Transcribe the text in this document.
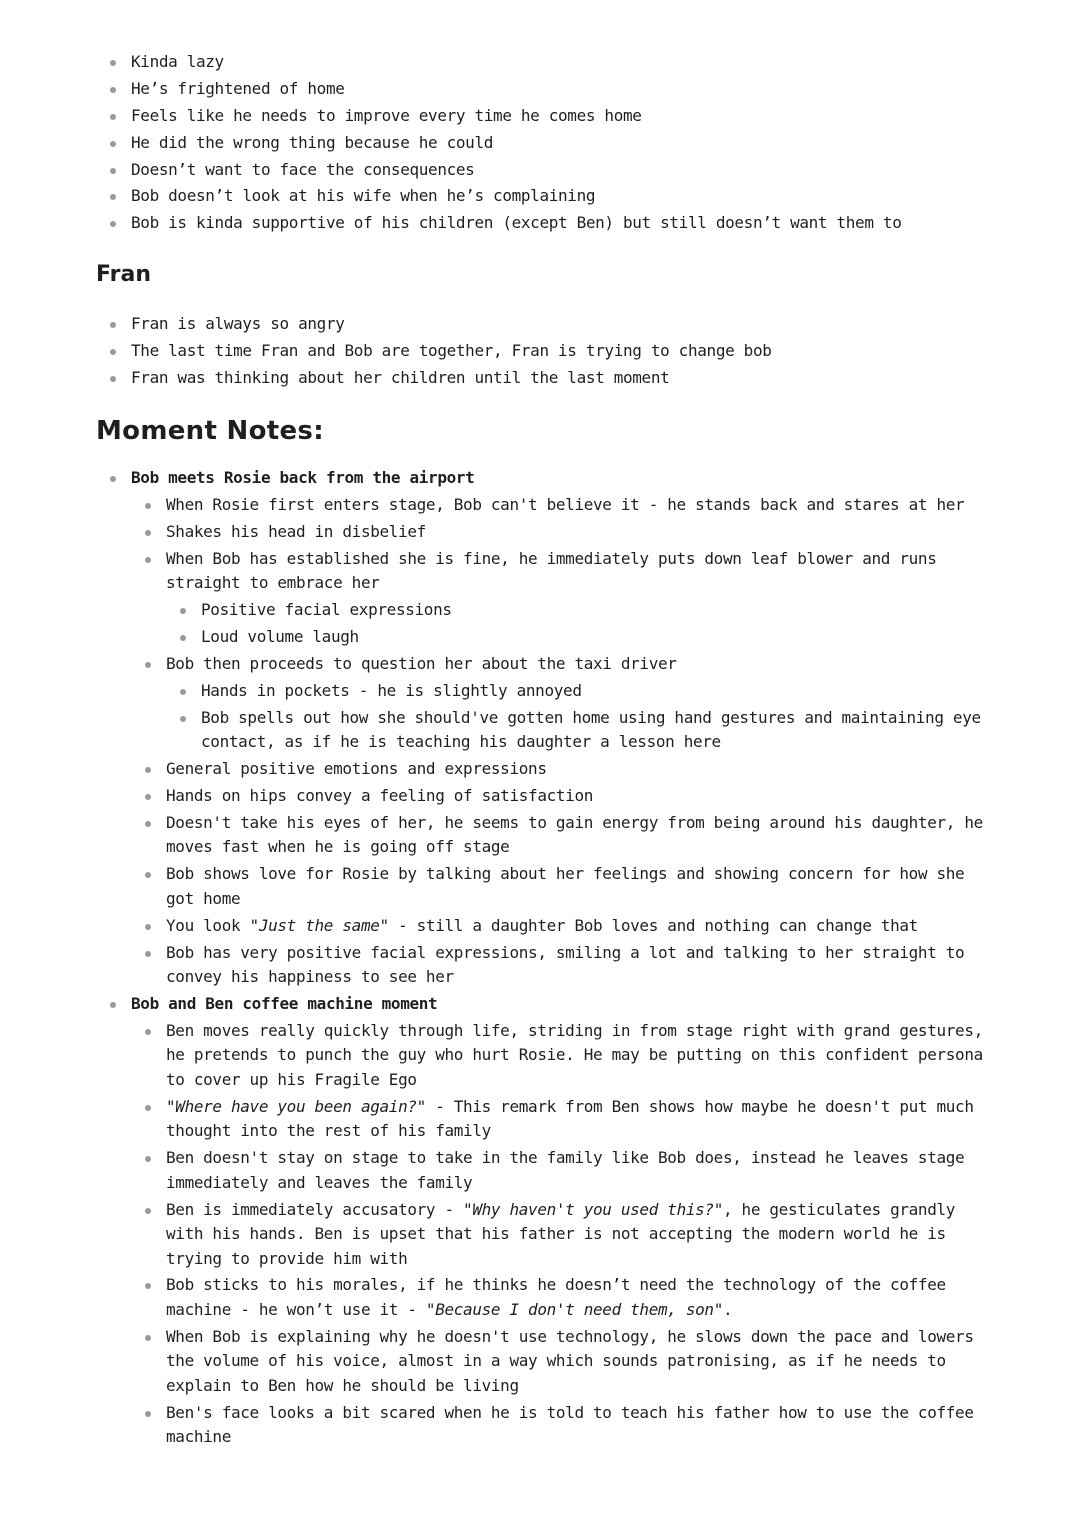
Kinda lazy
He’s frightened of home
Feels like he needs to improve every time he comes home
He did the wrong thing because he could
Doesn’t want to face the consequences
Bob doesn’t look at his wife when he’s complaining
Bob is kinda supportive of his children (except Ben) but still doesn’t want them to
Fran
Fran is always so angry
The last time Fran and Bob are together, Fran is trying to change bob
Fran was thinking about her children until the last moment
Moment Notes:
Bob meets Rosie back from the airport
When Rosie first enters stage, Bob can't believe it - he stands back and stares at her
Shakes his head in disbelief
When Bob has established she is fine, he immediately puts down leaf blower and runs straight to embrace her
Positive facial expressions
Loud volume laugh
Bob then proceeds to question her about the taxi driver
Hands in pockets - he is slightly annoyed
Bob spells out how she should've gotten home using hand gestures and maintaining eye contact, as if he is teaching his daughter a lesson here
General positive emotions and expressions
Hands on hips convey a feeling of satisfaction
Doesn't take his eyes of her, he seems to gain energy from being around his daughter, he moves fast when he is going off stage
Bob shows love for Rosie by talking about her feelings and showing concern for how she got home
You look "Just the same" - still a daughter Bob loves and nothing can change that
Bob has very positive facial expressions, smiling a lot and talking to her straight to convey his happiness to see her
Bob and Ben coffee machine moment
Ben moves really quickly through life, striding in from stage right with grand gestures, he pretends to punch the guy who hurt Rosie. He may be putting on this confident persona to cover up his Fragile Ego
"Where have you been again?" - This remark from Ben shows how maybe he doesn't put much thought into the rest of his family
Ben doesn't stay on stage to take in the family like Bob does, instead he leaves stage immediately and leaves the family
Ben is immediately accusatory - "Why haven't you used this?", he gesticulates grandly with his hands. Ben is upset that his father is not accepting the modern world he is trying to provide him with
Bob sticks to his morales, if he thinks he doesn’t need the technology of the coffee machine - he won’t use it - "Because I don't need them, son".
When Bob is explaining why he doesn't use technology, he slows down the pace and lowers the volume of his voice, almost in a way which sounds patronising, as if he needs to explain to Ben how he should be living
Ben's face looks a bit scared when he is told to teach his father how to use the coffee machine
